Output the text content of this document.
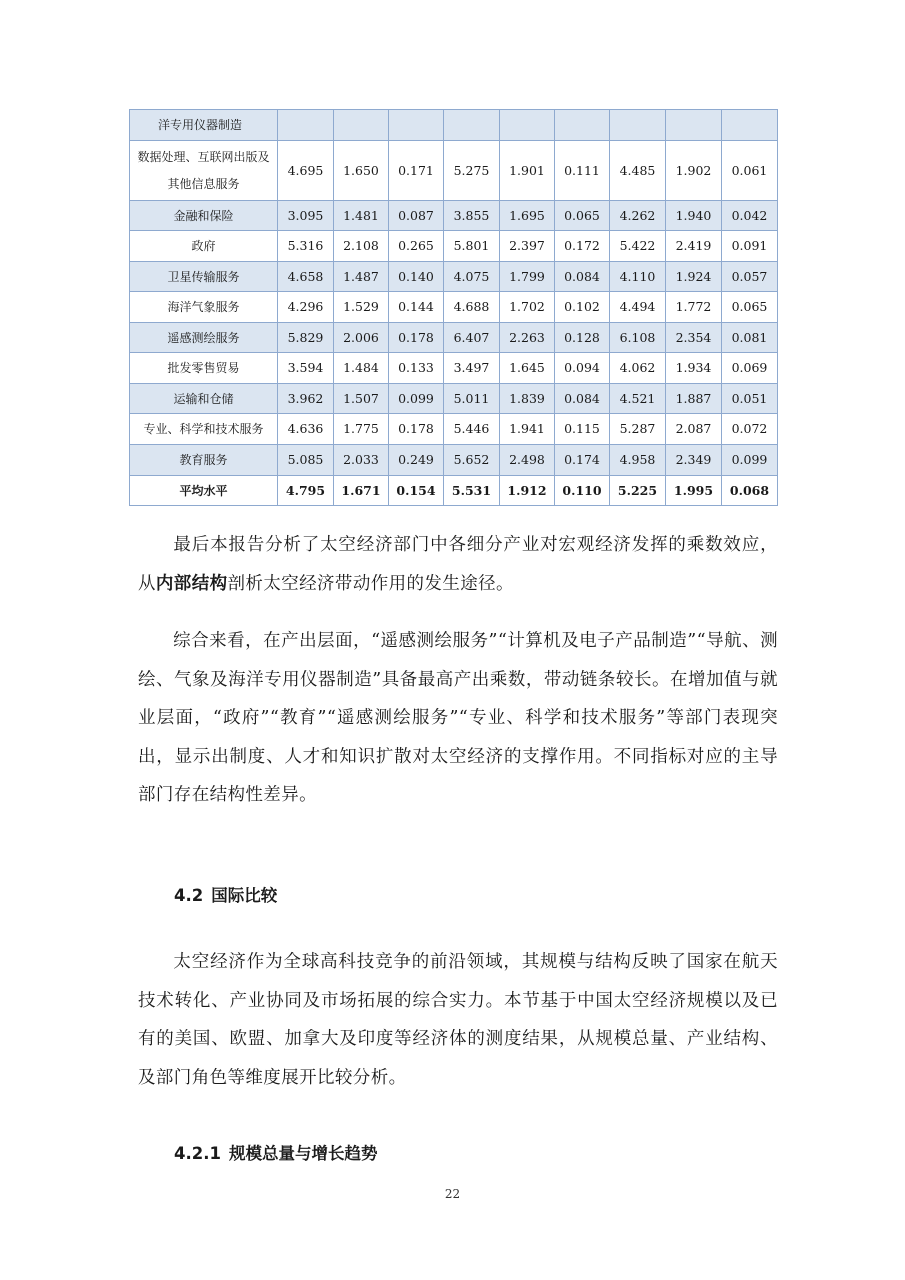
洋专用仪器制造									
数据处理、互联网出版及其他信息服务	4.695	1.650	0.171	5.275	1.901	0.111	4.485	1.902	0.061
金融和保险	3.095	1.481	0.087	3.855	1.695	0.065	4.262	1.940	0.042
政府	5.316	2.108	0.265	5.801	2.397	0.172	5.422	2.419	0.091
卫星传输服务	4.658	1.487	0.140	4.075	1.799	0.084	4.110	1.924	0.057
海洋气象服务	4.296	1.529	0.144	4.688	1.702	0.102	4.494	1.772	0.065
遥感测绘服务	5.829	2.006	0.178	6.407	2.263	0.128	6.108	2.354	0.081
批发零售贸易	3.594	1.484	0.133	3.497	1.645	0.094	4.062	1.934	0.069
运输和仓储	3.962	1.507	0.099	5.011	1.839	0.084	4.521	1.887	0.051
专业、科学和技术服务	4.636	1.775	0.178	5.446	1.941	0.115	5.287	2.087	0.072
教育服务	5.085	2.033	0.249	5.652	2.498	0.174	4.958	2.349	0.099
平均水平	4.795	1.671	0.154	5.531	1.912	0.110	5.225	1.995	0.068

最后本报告分析了太空经济部门中各细分产业对宏观经济发挥的乘数效应，从内部结构剖析太空经济带动作用的发生途径。

综合来看，在产出层面，“遥感测绘服务”“计算机及电子产品制造”“导航、测绘、气象及海洋专用仪器制造”具备最高产出乘数，带动链条较长。在增加值与就业层面，“政府”“教育”“遥感测绘服务”“专业、科学和技术服务”等部门表现突出，显示出制度、人才和知识扩散对太空经济的支撑作用。不同指标对应的主导部门存在结构性差异。

4.2 国际比较

太空经济作为全球高科技竞争的前沿领域，其规模与结构反映了国家在航天技术转化、产业协同及市场拓展的综合实力。本节基于中国太空经济规模以及已有的美国、欧盟、加拿大及印度等经济体的测度结果，从规模总量、产业结构、及部门角色等维度展开比较分析。

4.2.1 规模总量与增长趋势
22
